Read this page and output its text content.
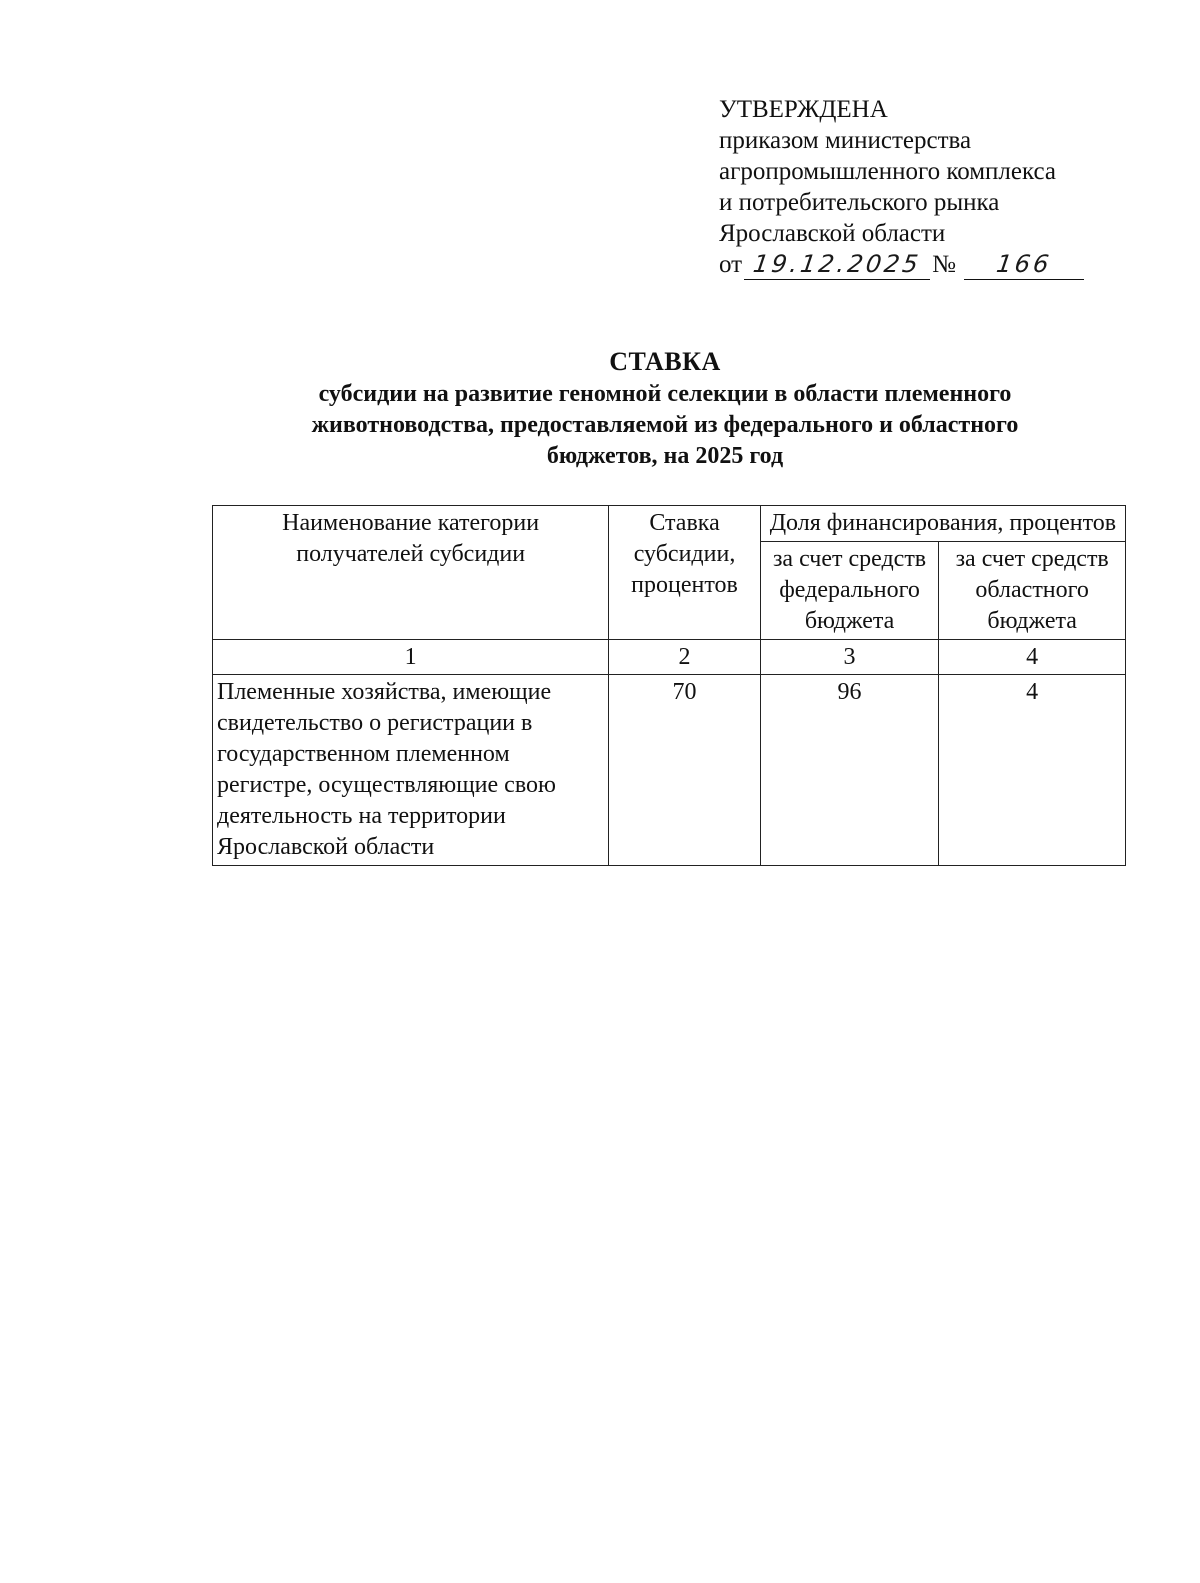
УТВЕРЖДЕНА
приказом министерства
агропромышленного комплекса
и потребительского рынка
Ярославской области
от 19.12.2025 №	166
СТАВКА
субсидии на развитие геномной селекции в области племенного
животноводства, предоставляемой из федерального и областного
бюджетов, на 2025 год
Наименование категории получателей субсидии	Ставка субсидии, процентов	Доля финансирования, процентов	
		за счет средств федерального бюджета	за счет средств областного бюджета
1	2	3	4
Племенные хозяйства, имеющие свидетельство о регистрации в государственном племенном регистре, осуществляющие свою деятельность на территории Ярославской области	70	96	4
